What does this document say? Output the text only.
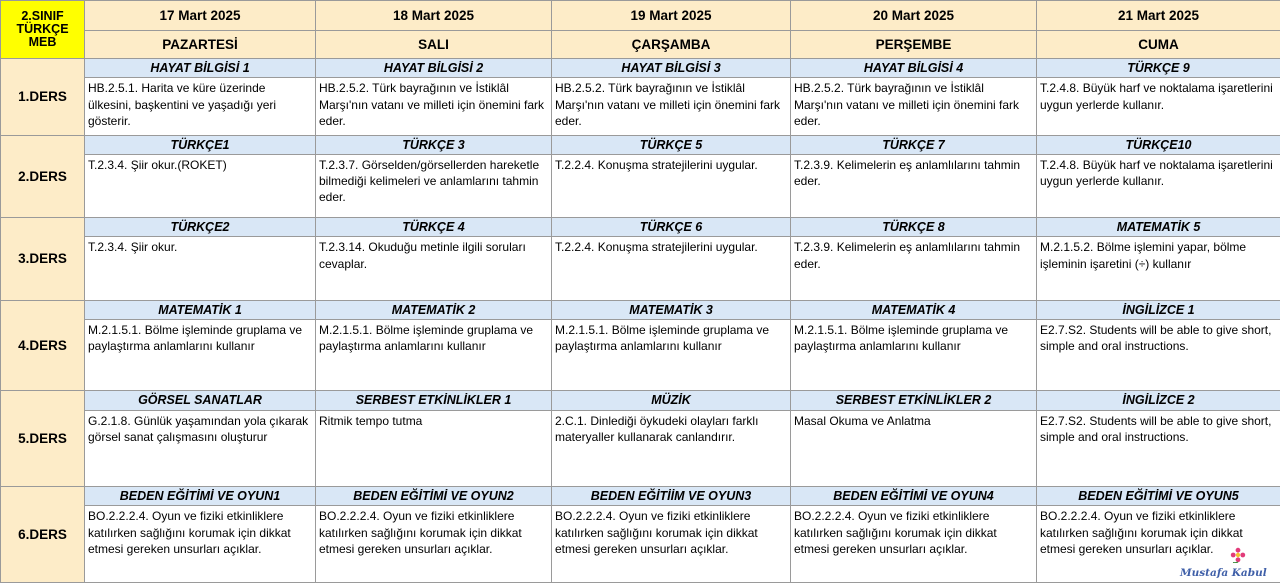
2.SINIF
TÜRKÇE
MEB	17 Mart 2025	18 Mart 2025	19 Mart 2025	20 Mart 2025	21 Mart 2025
	PAZARTESİ	SALI	ÇARŞAMBA	PERŞEMBE	CUMA
1.DERS	HAYAT BİLGİSİ 1	HAYAT BİLGİSİ 2	HAYAT BİLGİSİ 3	HAYAT BİLGİSİ 4	TÜRKÇE 9
	HB.2.5.1. Harita ve küre üzerinde ülkesini, başkentini ve yaşadığı yeri gösterir.	HB.2.5.2. Türk bayrağının ve İstiklâl Marşı'nın vatanı ve milleti için önemini fark eder.	HB.2.5.2. Türk bayrağının ve İstiklâl Marşı'nın vatanı ve milleti için önemini fark eder.	HB.2.5.2. Türk bayrağının ve İstiklâl Marşı'nın vatanı ve milleti için önemini fark eder.	T.2.4.8. Büyük harf ve noktalama işaretlerini uygun yerlerde kullanır.
2.DERS	TÜRKÇE1	TÜRKÇE 3	TÜRKÇE 5	TÜRKÇE 7	TÜRKÇE10
	T.2.3.4. Şiir okur.(ROKET)	T.2.3.7. Görselden/görsellerden hareketle bilmediği kelimeleri ve anlamlarını tahmin eder.	T.2.2.4. Konuşma stratejilerini uygular.	T.2.3.9. Kelimelerin eş anlamlılarını tahmin eder.	T.2.4.8. Büyük harf ve noktalama işaretlerini uygun yerlerde kullanır.
3.DERS	TÜRKÇE2	TÜRKÇE 4	TÜRKÇE 6	TÜRKÇE 8	MATEMATİK 5
	T.2.3.4. Şiir okur.	T.2.3.14. Okuduğu metinle ilgili soruları cevaplar.	T.2.2.4. Konuşma stratejilerini uygular.	T.2.3.9. Kelimelerin eş anlamlılarını tahmin eder.	M.2.1.5.2. Bölme işlemini yapar, bölme işleminin işaretini (÷) kullanır
4.DERS	MATEMATİK 1	MATEMATİK 2	MATEMATİK 3	MATEMATİK 4	İNGİLİZCE 1
	M.2.1.5.1. Bölme işleminde gruplama ve paylaştırma anlamlarını kullanır	M.2.1.5.1. Bölme işleminde gruplama ve paylaştırma anlamlarını kullanır	M.2.1.5.1. Bölme işleminde gruplama ve paylaştırma anlamlarını kullanır	M.2.1.5.1. Bölme işleminde gruplama ve paylaştırma anlamlarını kullanır	E2.7.S2. Students will be able to give short, simple and oral instructions.
5.DERS	GÖRSEL SANATLAR	SERBEST ETKİNLİKLER 1	MÜZİK	SERBEST ETKİNLİKLER 2	İNGİLİZCE 2
	G.2.1.8. Günlük yaşamından yola çıkarak görsel sanat çalışmasını oluşturur	Ritmik tempo tutma	2.C.1. Dinlediği öykudeki olayları farklı materyaller kullanarak canlandırır.	Masal Okuma ve Anlatma	E2.7.S2. Students will be able to give short, simple and oral instructions.
6.DERS	BEDEN EĞİTİMİ VE OYUN1	BEDEN EĞİTİMİ VE OYUN2	BEDEN EĞİTİİM VE OYUN3	BEDEN EĞİTİMİ VE OYUN4	BEDEN EĞİTİMİ VE OYUN5
	BO.2.2.2.4. Oyun ve fiziki etkinliklere katılırken sağlığını korumak için dikkat etmesi gereken unsurları açıklar.	BO.2.2.2.4. Oyun ve fiziki etkinliklere katılırken sağlığını korumak için dikkat etmesi gereken unsurları açıklar.	BO.2.2.2.4. Oyun ve fiziki etkinliklere katılırken sağlığını korumak için dikkat etmesi gereken unsurları açıklar.	BO.2.2.2.4. Oyun ve fiziki etkinliklere katılırken sağlığını korumak için dikkat etmesi gereken unsurları açıklar.	BO.2.2.2.4. Oyun ve fiziki etkinliklere katılırken sağlığını korumak için dikkat etmesi gereken unsurları açıklar.
Mustafa Kabul
